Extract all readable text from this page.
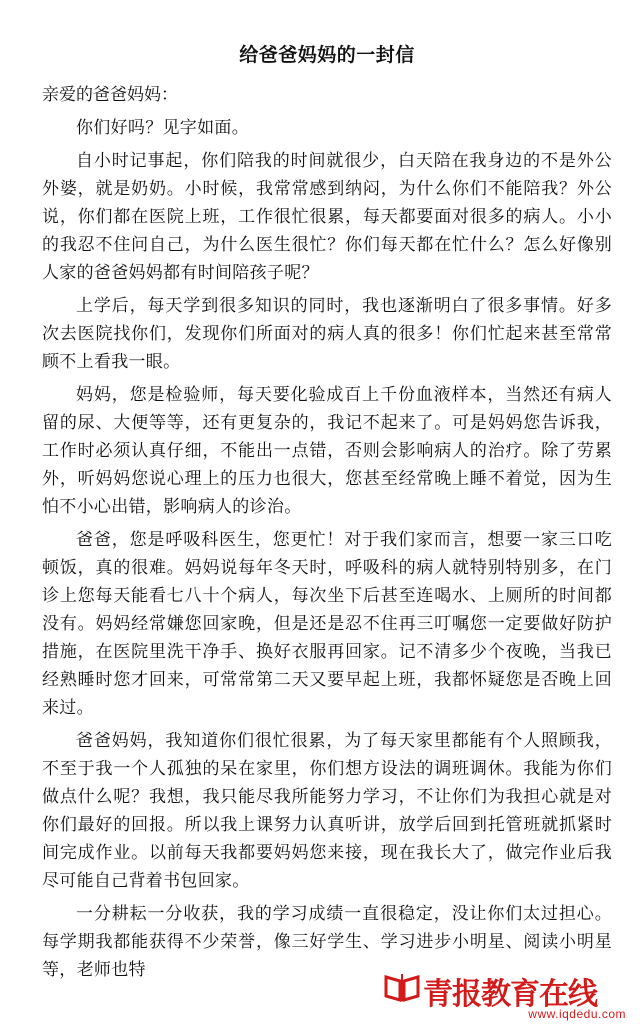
给爸爸妈妈的一封信

亲爱的爸爸妈妈：

你们好吗？见字如面。

自小时记事起，你们陪我的时间就很少，白天陪在我身边的不是外公外婆，就是奶奶。小时候，我常常感到纳闷，为什么你们不能陪我？外公说，你们都在医院上班，工作很忙很累，每天都要面对很多的病人。小小的我忍不住问自己，为什么医生很忙？你们每天都在忙什么？怎么好像别人家的爸爸妈妈都有时间陪孩子呢？

上学后，每天学到很多知识的同时，我也逐渐明白了很多事情。好多次去医院找你们，发现你们所面对的病人真的很多！你们忙起来甚至常常顾不上看我一眼。

妈妈，您是检验师，每天要化验成百上千份血液样本，当然还有病人留的尿、大便等等，还有更复杂的，我记不起来了。可是妈妈您告诉我，工作时必须认真仔细，不能出一点错，否则会影响病人的治疗。除了劳累外，听妈妈您说心理上的压力也很大，您甚至经常晚上睡不着觉，因为生怕不小心出错，影响病人的诊治。

爸爸，您是呼吸科医生，您更忙！对于我们家而言，想要一家三口吃顿饭，真的很难。妈妈说每年冬天时，呼吸科的病人就特别特别多，在门诊上您每天能看七八十个病人，每次坐下后甚至连喝水、上厕所的时间都没有。妈妈经常嫌您回家晚，但是还是忍不住再三叮嘱您一定要做好防护措施，在医院里洗干净手、换好衣服再回家。记不清多少个夜晚，当我已经熟睡时您才回来，可常常第二天又要早起上班，我都怀疑您是否晚上回来过。

爸爸妈妈，我知道你们很忙很累，为了每天家里都能有个人照顾我，不至于我一个人孤独的呆在家里，你们想方设法的调班调休。我能为你们做点什么呢？我想，我只能尽我所能努力学习，不让你们为我担心就是对你们最好的回报。所以我上课努力认真听讲，放学后回到托管班就抓紧时间完成作业。以前每天我都要妈妈您来接，现在我长大了，做完作业后我尽可能自己背着书包回家。

一分耕耘一分收获，我的学习成绩一直很稳定，没让你们太过担心。每学期我都能获得不少荣誉，像三好学生、学习进步小明星、阅读小明星等，老师也特

青报教育在线
www.iqdedu.com
